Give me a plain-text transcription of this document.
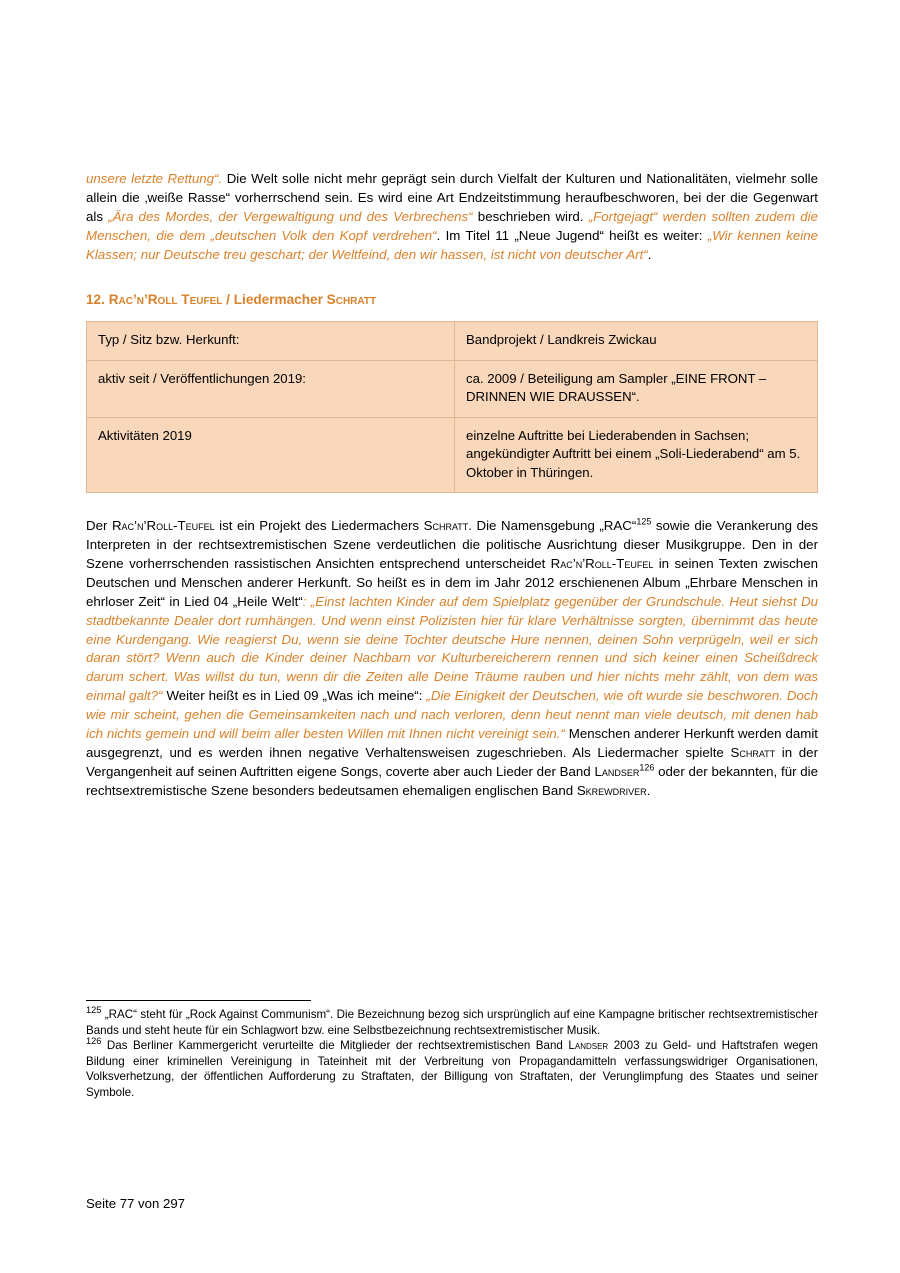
unsere letzte Rettung“. Die Welt solle nicht mehr geprägt sein durch Vielfalt der Kulturen und Nationalitäten, vielmehr solle allein die ‚weiße Rasse“ vorherrschend sein. Es wird eine Art Endzeitstimmung heraufbeschworen, bei der die Gegenwart als „Ära des Mordes, der Vergewaltigung und des Verbrechens“ beschrieben wird. „Fortgejagt“ werden sollten zudem die Menschen, die dem „deutschen Volk den Kopf verdrehen“. Im Titel 11 „Neue Jugend“ heißt es weiter: „Wir kennen keine Klassen; nur Deutsche treu geschart; der Weltfeind, den wir hassen, ist nicht von deutscher Art“.

12. Rac’n’Roll Teufel / Liedermacher Schratt
Typ / Sitz bzw. Herkunft:	Bandprojekt / Landkreis Zwickau
aktiv seit / Veröffentlichungen 2019:	ca. 2009 / Beteiligung am Sampler „EINE FRONT – DRINNEN WIE DRAUSSEN“.
Aktivitäten 2019	einzelne Auftritte bei Liederabenden in Sachsen; angekündigter Auftritt bei einem „Soli-Liederabend“ am 5. Oktober in Thüringen.

Der Rac’n’Roll-Teufel ist ein Projekt des Liedermachers Schratt. Die Namensgebung „RAC“$^{125}$ sowie die Verankerung des Interpreten in der rechtsextremistischen Szene verdeutlichen die politische Ausrichtung dieser Musikgruppe. Den in der Szene vorherrschenden rassistischen Ansichten entsprechend unterscheidet Rac’n’Roll-Teufel in seinen Texten zwischen Deutschen und Menschen anderer Herkunft. So heißt es in dem im Jahr 2012 erschienenen Album „Ehrbare Menschen in ehrloser Zeit“ in Lied 04 „Heile Welt“: „Einst lachten Kinder auf dem Spielplatz gegenüber der Grundschule. Heut siehst Du stadtbekannte Dealer dort rumhängen. Und wenn einst Polizisten hier für klare Verhältnisse sorgten, übernimmt das heute eine Kurdengang. Wie reagierst Du, wenn sie deine Tochter deutsche Hure nennen, deinen Sohn verprügeln, weil er sich daran stört? Wenn auch die Kinder deiner Nachbarn vor Kulturbereicherern rennen und sich keiner einen Scheißdreck darum schert. Was willst du tun, wenn dir die Zeiten alle Deine Träume rauben und hier nichts mehr zählt, von dem was einmal galt?“ Weiter heißt es in Lied 09 „Was ich meine“: „Die Einigkeit der Deutschen, wie oft wurde sie beschworen. Doch wie mir scheint, gehen die Gemeinsamkeiten nach und nach verloren, denn heut nennt man viele deutsch, mit denen hab ich nichts gemein und will beim aller besten Willen mit Ihnen nicht vereinigt sein.“ Menschen anderer Herkunft werden damit ausgegrenzt, und es werden ihnen negative Verhaltensweisen zugeschrieben. Als Liedermacher spielte Schratt in der Vergangenheit auf seinen Auftritten eigene Songs, coverte aber auch Lieder der Band Landser$^{126}$ oder der bekannten, für die rechtsextremistische Szene besonders bedeutsamen ehemaligen englischen Band Skrewdriver.

$^{125}$ „RAC“ steht für „Rock Against Communism“. Die Bezeichnung bezog sich ursprünglich auf eine Kampagne britischer rechtsextremistischer Bands und steht heute für ein Schlagwort bzw. eine Selbstbezeichnung rechtsextremistischer Musik.

$^{126}$ Das Berliner Kammergericht verurteilte die Mitglieder der rechtsextremistischen Band Landser 2003 zu Geld- und Haftstrafen wegen Bildung einer kriminellen Vereinigung in Tateinheit mit der Verbreitung von Propagandamitteln verfassungswidriger Organisationen, Volksverhetzung, der öffentlichen Aufforderung zu Straftaten, der Billigung von Straftaten, der Verunglimpfung des Staates und seiner Symbole.

Seite 77 von 297
